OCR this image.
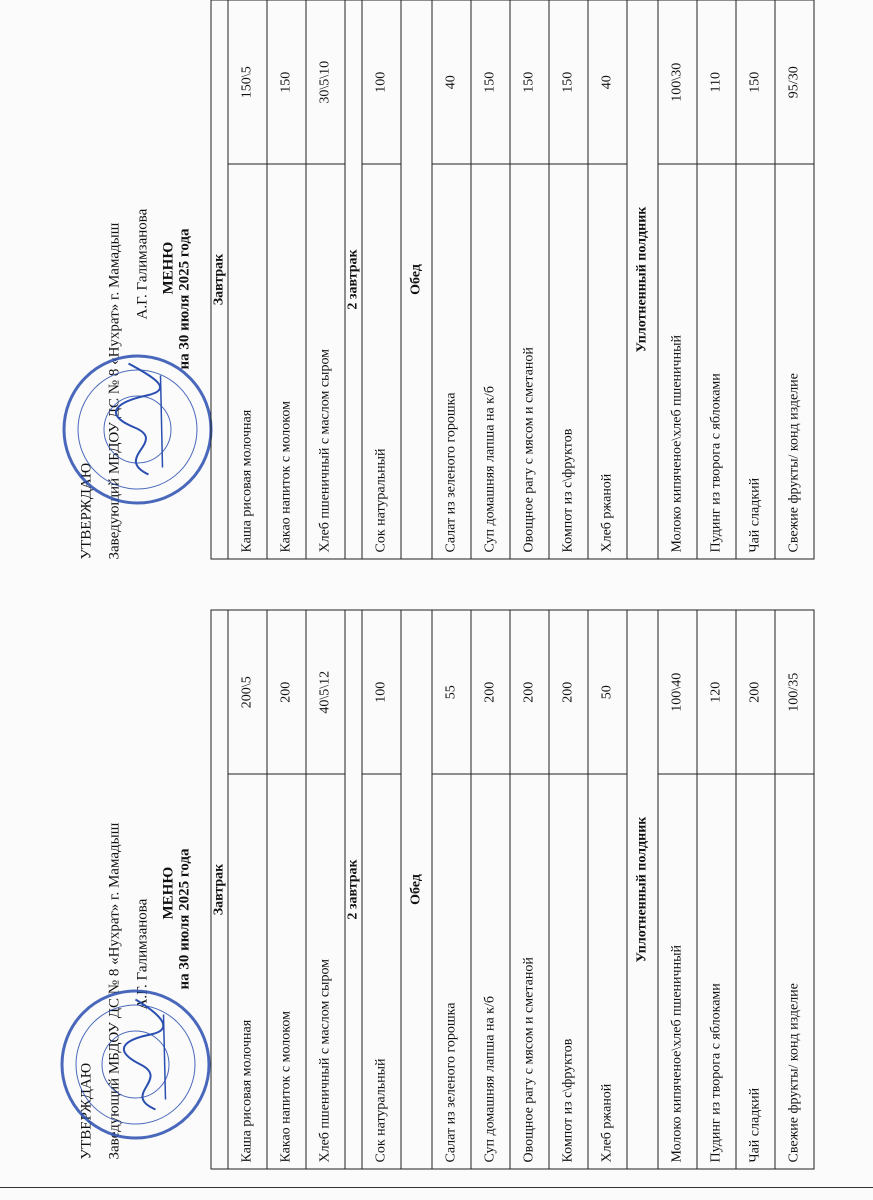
УТВЕРЖДАЮ Заведующий МБДОУ ДС № 8 «Нухрат» г. Мамадыш А.Г. Галимзанова
МЕНЮ на 30 июля 2025 года	Завтрак	
Каша рисовая молочная	200\5
Какао напиток с молоком	200
Хлеб пшеничный с маслом сыром	40\5\12
2 завтрак	
Сок натуральный	100
Обед	
Салат из зеленого горошка	55
Суп домашняя лапша на к/б	200
Овощное рагу с мясом и сметаной	200
Компот из с\фруктов	200
Хлеб ржаной	50
Уплотненный полдник	
Молоко кипяченое\хлеб пшеничный	100\40
Пудинг из творога с яблоками	120
Чай сладкий	200
Свежие фрукты/ конд изделие	100/35
УТВЕРЖДАЮ Заведующий МБДОУ ДС № 8 «Нухрат» г. Мамадыш А.Г. Галимзанова МЕНЮ на 30 июля 2025 года	Завтрак	
Каша рисовая молочная	150\5
Какао напиток с молоком	150
Хлеб пшеничный с маслом сыром	30\5\10
2 завтрак	
Сок натуральный	100
Обед	
Салат из зеленого горошка	40
Суп домашняя лапша на к/б	150
Овощное рагу с мясом и сметаной	150
Компот из с\фруктов	150
Хлеб ржаной	40
Уплотненный полдник	
Молоко кипяченое\хлеб пшеничный	100\30
Пудинг из творога с яблоками	110
Чай сладкий	150
Свежие фрукты/ конд изделие	95/30
